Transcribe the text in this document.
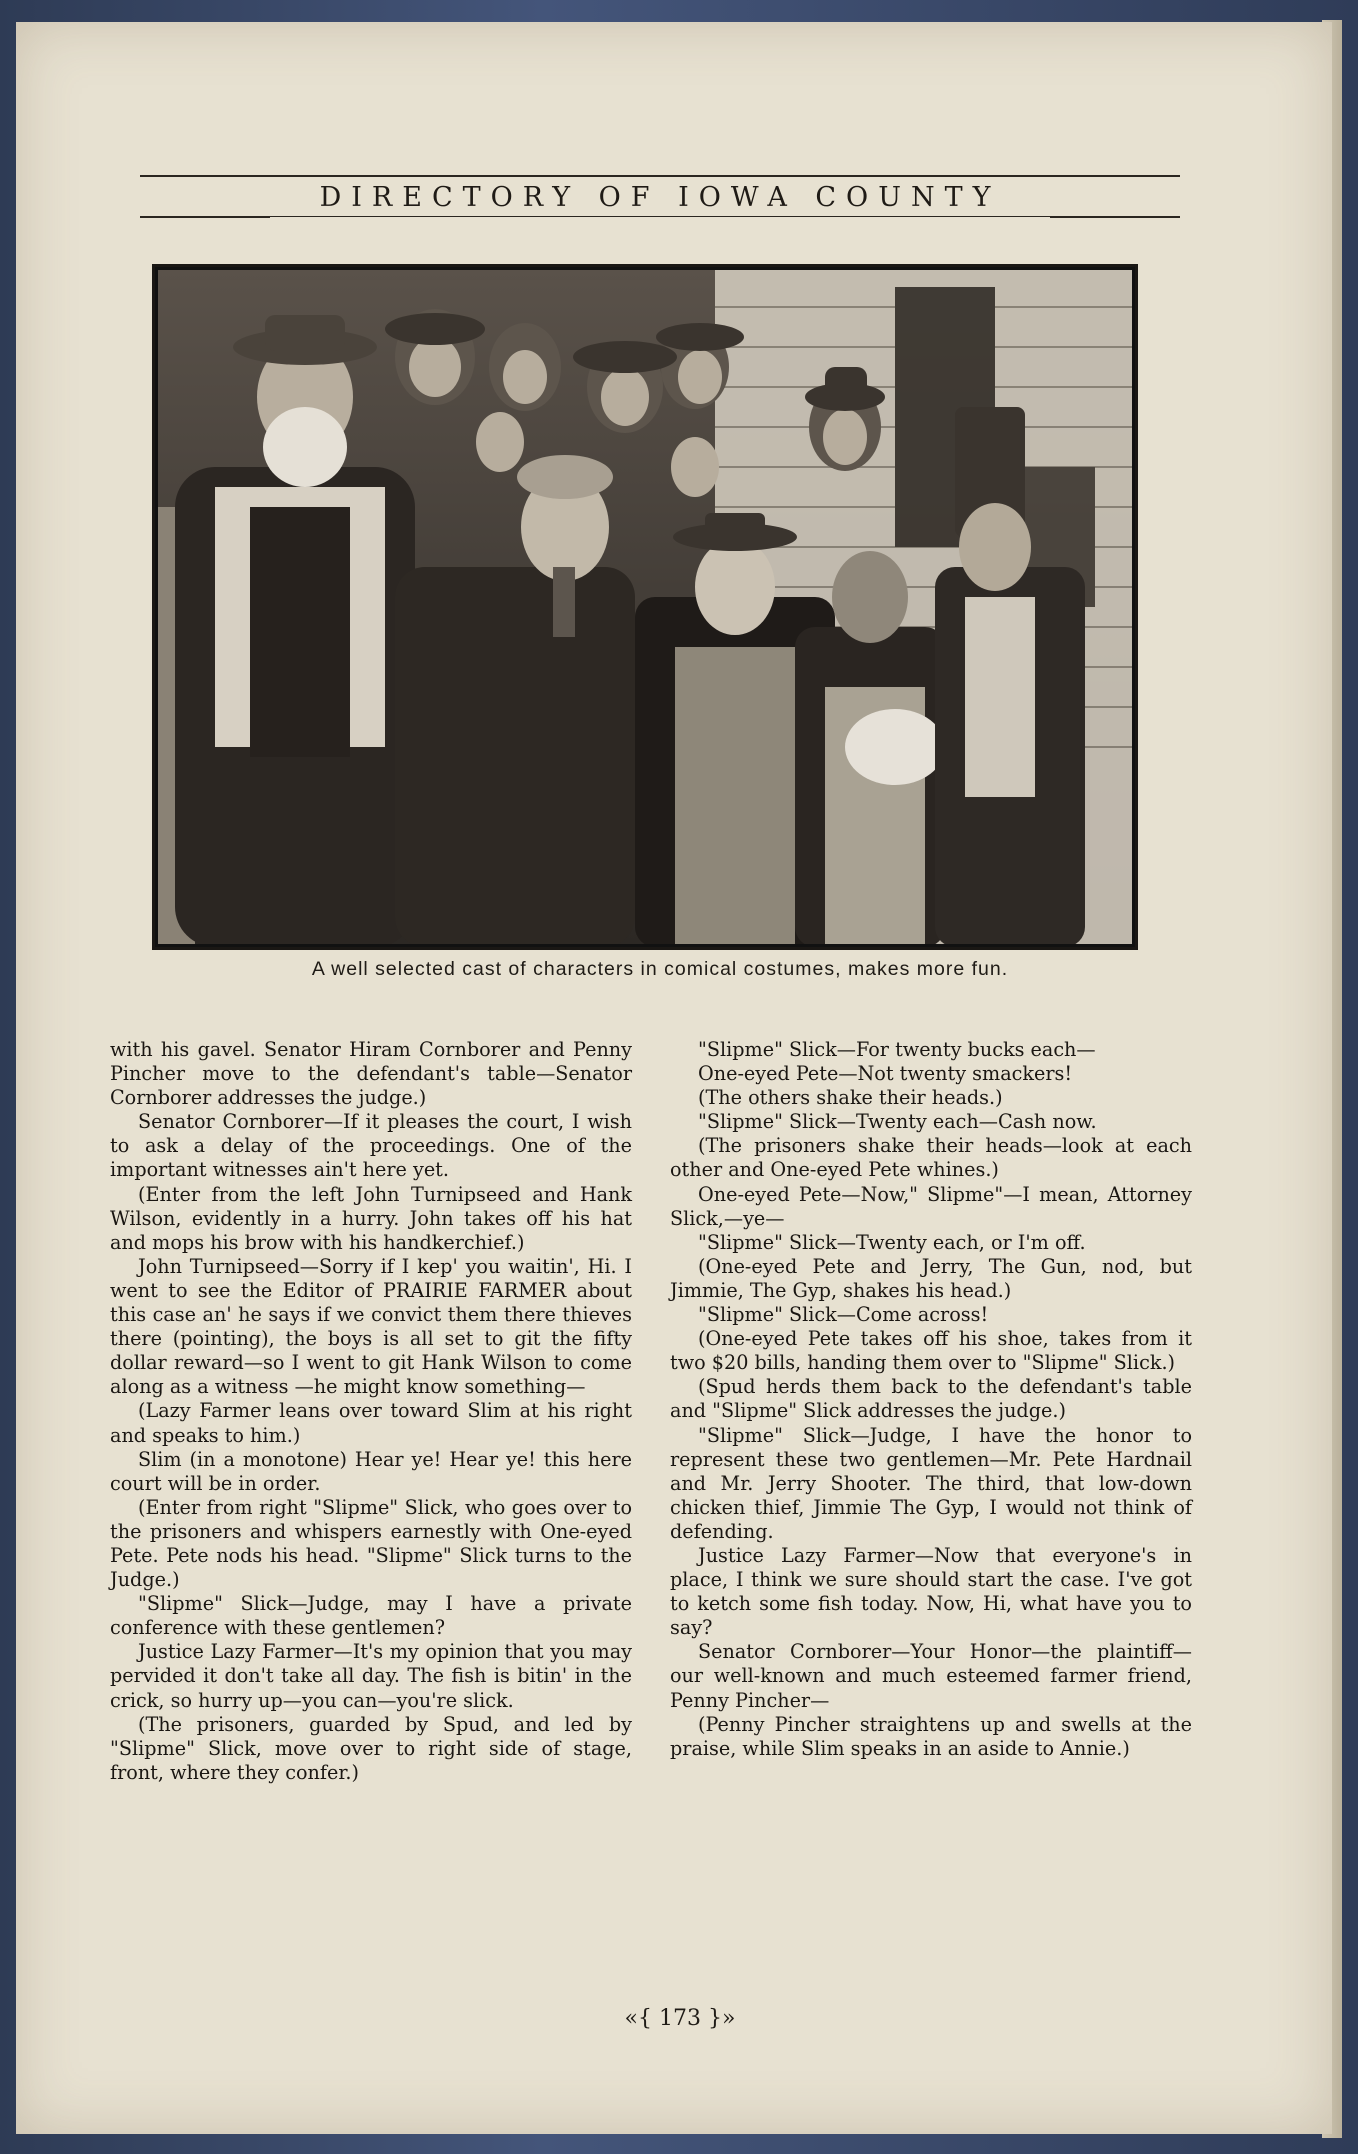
DIRECTORY OF IOWA COUNTY
A well selected cast of characters in comical costumes, makes more fun.

with his gavel. Senator Hiram Cornborer and Penny Pincher move to the defendant's table—Senator Cornborer addresses the judge.)

Senator Cornborer—If it pleases the court, I wish to ask a delay of the proceedings. One of the important witnesses ain't here yet.

(Enter from the left John Turnipseed and Hank Wilson, evidently in a hurry. John takes off his hat and mops his brow with his handkerchief.)

John Turnipseed—Sorry if I kep' you waitin', Hi. I went to see the Editor of PRAIRIE FARMER about this case an' he says if we convict them there thieves there (pointing), the boys is all set to git the fifty dollar reward—so I went to git Hank Wilson to come along as a witness —he might know something—

(Lazy Farmer leans over toward Slim at his right and speaks to him.)

Slim (in a monotone) Hear ye! Hear ye! this here court will be in order.

(Enter from right "Slipme" Slick, who goes over to the prisoners and whispers earnestly with One-eyed Pete. Pete nods his head. "Slipme" Slick turns to the Judge.)

"Slipme" Slick—Judge, may I have a private conference with these gentlemen?

Justice Lazy Farmer—It's my opinion that you may pervided it don't take all day. The fish is bitin' in the crick, so hurry up—you can—you're slick.

(The prisoners, guarded by Spud, and led by "Slipme" Slick, move over to right side of stage, front, where they confer.)

"Slipme" Slick—For twenty bucks each—

One-eyed Pete—Not twenty smackers!

(The others shake their heads.)

"Slipme" Slick—Twenty each—Cash now.

(The prisoners shake their heads—look at each other and One-eyed Pete whines.)

One-eyed Pete—Now," Slipme"—I mean, Attorney Slick,—ye—

"Slipme" Slick—Twenty each, or I'm off.

(One-eyed Pete and Jerry, The Gun, nod, but Jimmie, The Gyp, shakes his head.)

"Slipme" Slick—Come across!

(One-eyed Pete takes off his shoe, takes from it two $20 bills, handing them over to "Slipme" Slick.)

(Spud herds them back to the defendant's table and "Slipme" Slick addresses the judge.)

"Slipme" Slick—Judge, I have the honor to represent these two gentlemen—Mr. Pete Hardnail and Mr. Jerry Shooter. The third, that low-down chicken thief, Jimmie The Gyp, I would not think of defending.

Justice Lazy Farmer—Now that everyone's in place, I think we sure should start the case. I've got to ketch some fish today. Now, Hi, what have you to say?

Senator Cornborer—Your Honor—the plaintiff—our well-known and much esteemed farmer friend, Penny Pincher—

(Penny Pincher straightens up and swells at the praise, while Slim speaks in an aside to Annie.)

«{ 173 }»
